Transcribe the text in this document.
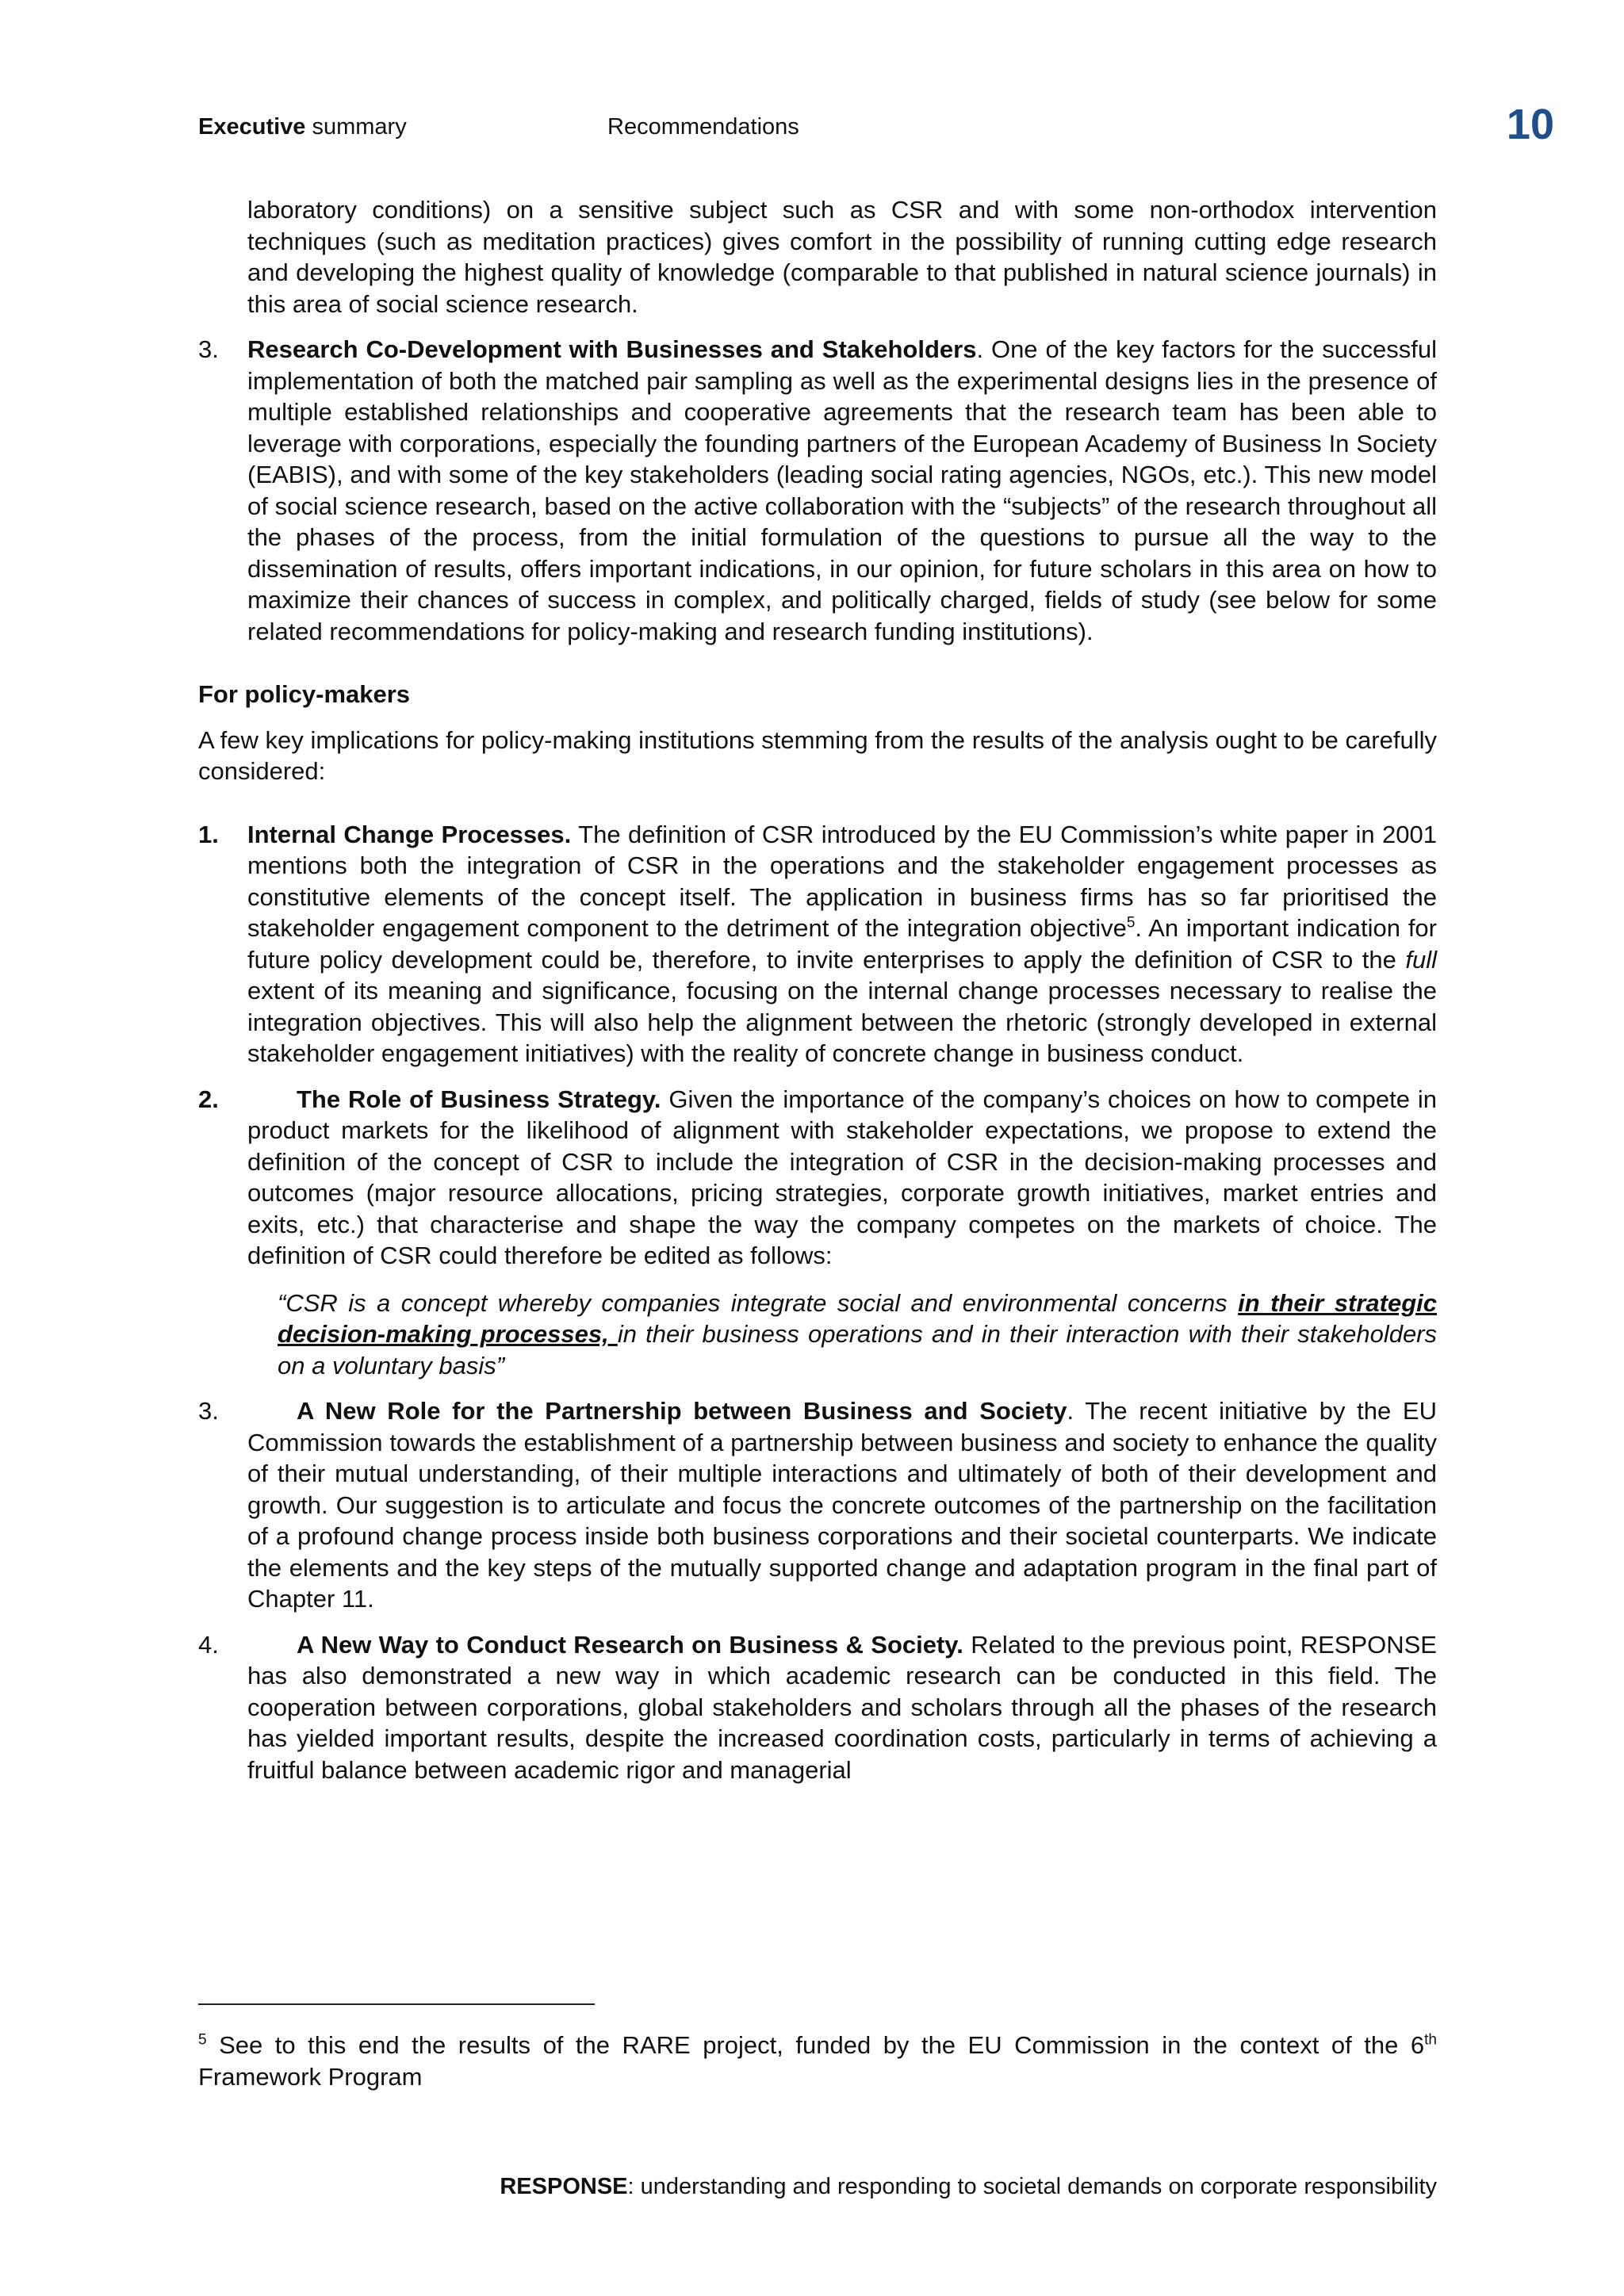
Executive summary	Recommendations	10

laboratory conditions) on a sensitive subject such as CSR and with some non-orthodox intervention techniques (such as meditation practices) gives comfort in the possibility of running cutting edge research and developing the highest quality of knowledge (comparable to that published in natural science journals) in this area of social science research.

3.	Research Co-Development with Businesses and Stakeholders. One of the key factors for the successful implementation of both the matched pair sampling as well as the experimental designs lies in the presence of multiple established relationships and cooperative agreements that the research team has been able to leverage with corporations, especially the founding partners of the European Academy of Business In Society (EABIS), and with some of the key stakeholders (leading social rating agencies, NGOs, etc.). This new model of social science research, based on the active collaboration with the “subjects” of the research throughout all the phases of the process, from the initial formulation of the questions to pursue all the way to the dissemination of results, offers important indications, in our opinion, for future scholars in this area on how to maximize their chances of success in complex, and politically charged, fields of study (see below for some related recommendations for policy-making and research funding institutions).

For policy-makers

A few key implications for policy-making institutions stemming from the results of the analysis ought to be carefully considered:

1.	Internal Change Processes. The definition of CSR introduced by the EU Commission’s white paper in 2001 mentions both the integration of CSR in the operations and the stakeholder engagement processes as constitutive elements of the concept itself. The application in business firms has so far prioritised the stakeholder engagement component to the detriment of the integration objective$^5$. An important indication for future policy development could be, therefore, to invite enterprises to apply the definition of CSR to the full extent of its meaning and significance, focusing on the internal change processes necessary to realise the integration objectives. This will also help the alignment between the rhetoric (strongly developed in external stakeholder engagement initiatives) with the reality of concrete change in business conduct.
2.	The Role of Business Strategy. Given the importance of the company’s choices on how to compete in product markets for the likelihood of alignment with stakeholder expectations, we propose to extend the definition of the concept of CSR to include the integration of CSR in the decision-making processes and outcomes (major resource allocations, pricing strategies, corporate growth initiatives, market entries and exits, etc.) that characterise and shape the way the company competes on the markets of choice. The definition of CSR could therefore be edited as follows:

“CSR is a concept whereby companies integrate social and environmental concerns in their strategic decision-making processes, in their business operations and in their interaction with their stakeholders on a voluntary basis”

3.	A New Role for the Partnership between Business and Society. The recent initiative by the EU Commission towards the establishment of a partnership between business and society to enhance the quality of their mutual understanding, of their multiple interactions and ultimately of both of their development and growth. Our suggestion is to articulate and focus the concrete outcomes of the partnership on the facilitation of a profound change process inside both business corporations and their societal counterparts. We indicate the elements and the key steps of the mutually supported change and adaptation program in the final part of Chapter 11.
4.	A New Way to Conduct Research on Business & Society. Related to the previous point, RESPONSE has also demonstrated a new way in which academic research can be conducted in this field. The cooperation between corporations, global stakeholders and scholars through all the phases of the research has yielded important results, despite the increased coordination costs, particularly in terms of achieving a fruitful balance between academic rigor and managerial

$^5$ See to this end the results of the RARE project, funded by the EU Commission in the context of the 6th Framework Program

RESPONSE: understanding and responding to societal demands on corporate responsibility
